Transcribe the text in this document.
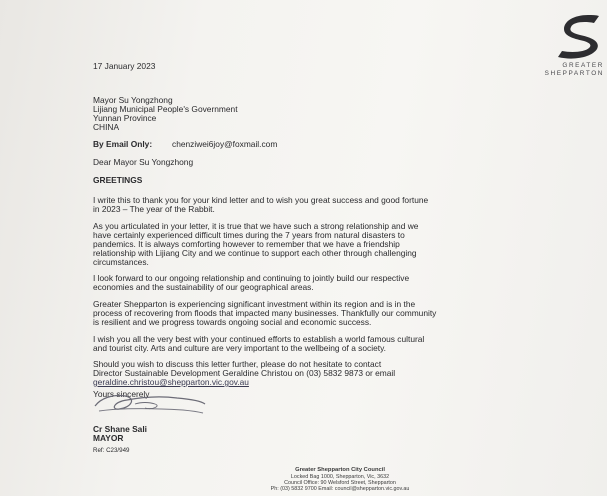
GREATER
SHEPPARTON
17 January 2023
Mayor Su Yongzhong
Lijiang Municipal People's Government
Yunnan Province
CHINA
By Email Only: chenziwei6joy@foxmail.com
Dear Mayor Su Yongzhong
GREETINGS
I write this to thank you for your kind letter and to wish you great success and good fortune
in 2023 – The year of the Rabbit.
As you articulated in your letter, it is true that we have such a strong relationship and we
have certainly experienced difficult times during the 7 years from natural disasters to
pandemics. It is always comforting however to remember that we have a friendship
relationship with Lijiang City and we continue to support each other through challenging
circumstances.
I look forward to our ongoing relationship and continuing to jointly build our respective
economies and the sustainability of our geographical areas.
Greater Shepparton is experiencing significant investment within its region and is in the
process of recovering from floods that impacted many businesses. Thankfully our community
is resilient and we progress towards ongoing social and economic success.
I wish you all the very best with your continued efforts to establish a world famous cultural
and tourist city. Arts and culture are very important to the wellbeing of a society.
Should you wish to discuss this letter further, please do not hesitate to contact
Director Sustainable Development Geraldine Christou on (03) 5832 9873 or email
geraldine.christou@shepparton.vic.gov.au
Yours sincerely
Cr Shane Sali
MAYOR
Ref: C23/949
Greater Shepparton City Council
Locked Bag 1000, Shepparton, Vic, 3632
Council Office: 90 Welsford Street, Shepparton
Ph: (03) 5832 9700 Email: council@shepparton.vic.gov.au
